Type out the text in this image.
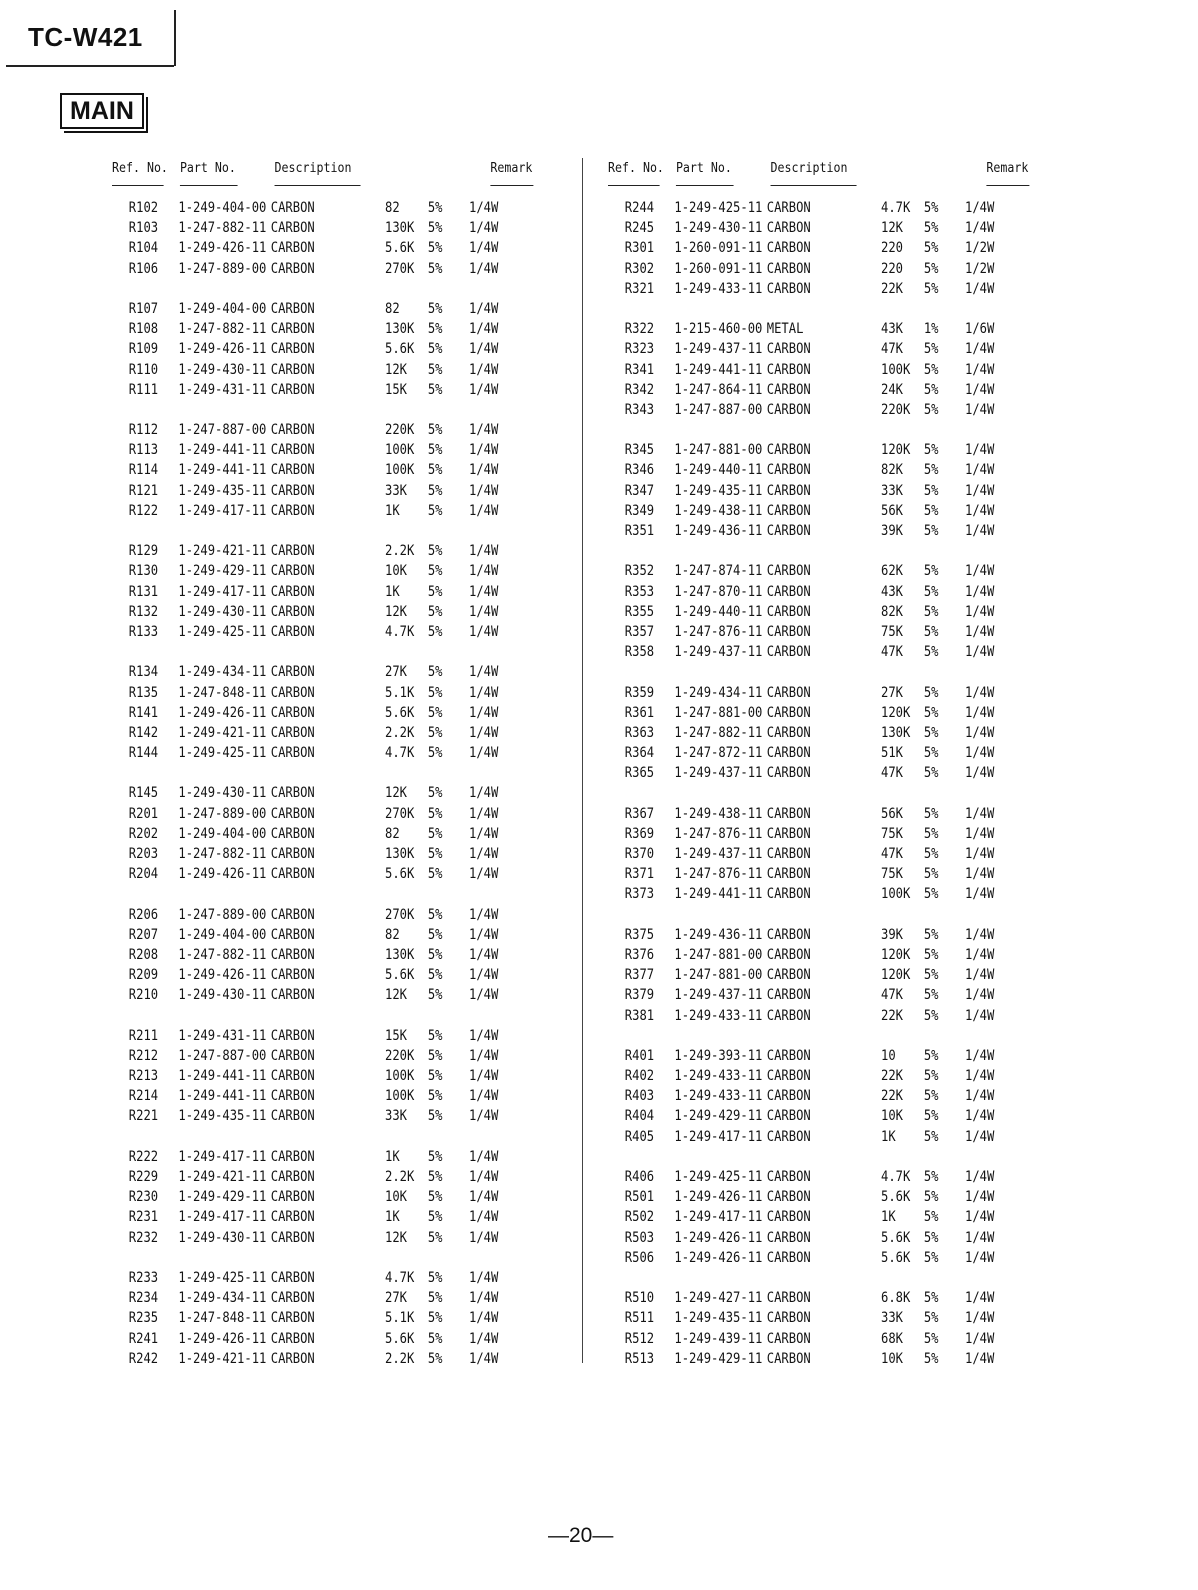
TC-W421
MAIN
Ref. No. Part No.	Description	Remark
R102 1-249-404-00 CARBON	82 5% 1/4W
R103 1-247-882-11 CARBON	130K 5% 1/4W
R104 1-249-426-11 CARBON	5.6K 5% 1/4W
R106 1-247-889-00 CARBON	270K 5% 1/4W
R107 1-249-404-00 CARBON	82 5% 1/4W
R108 1-247-882-11 CARBON	130K 5% 1/4W
R109 1-249-426-11 CARBON	5.6K 5% 1/4W
R110 1-249-430-11 CARBON	12K 5% 1/4W
R111 1-249-431-11 CARBON	15K 5% 1/4W
R112 1-247-887-00 CARBON	220K 5% 1/4W
R113 1-249-441-11 CARBON	100K 5% 1/4W
R114 1-249-441-11 CARBON	100K 5% 1/4W
R121 1-249-435-11 CARBON	33K 5% 1/4W
R122 1-249-417-11 CARBON	1K 5% 1/4W
R129 1-249-421-11 CARBON	2.2K 5% 1/4W
R130 1-249-429-11 CARBON	10K 5% 1/4W
R131 1-249-417-11 CARBON	1K 5% 1/4W
R132 1-249-430-11 CARBON	12K 5% 1/4W
R133 1-249-425-11 CARBON	4.7K 5% 1/4W
R134 1-249-434-11 CARBON	27K 5% 1/4W
R135 1-247-848-11 CARBON	5.1K 5% 1/4W
R141 1-249-426-11 CARBON	5.6K 5% 1/4W
R142 1-249-421-11 CARBON	2.2K 5% 1/4W
R144 1-249-425-11 CARBON	4.7K 5% 1/4W
R145 1-249-430-11 CARBON	12K 5% 1/4W
R201 1-247-889-00 CARBON	270K 5% 1/4W
R202 1-249-404-00 CARBON	82 5% 1/4W
R203 1-247-882-11 CARBON	130K 5% 1/4W
R204 1-249-426-11 CARBON	5.6K 5% 1/4W
R206 1-247-889-00 CARBON	270K 5% 1/4W
R207 1-249-404-00 CARBON	82 5% 1/4W
R208 1-247-882-11 CARBON	130K 5% 1/4W
R209 1-249-426-11 CARBON	5.6K 5% 1/4W
R210 1-249-430-11 CARBON	12K 5% 1/4W
R211 1-249-431-11 CARBON	15K 5% 1/4W
R212 1-247-887-00 CARBON	220K 5% 1/4W
R213 1-249-441-11 CARBON	100K 5% 1/4W
R214 1-249-441-11 CARBON	100K 5% 1/4W
R221 1-249-435-11 CARBON	33K 5% 1/4W
R222 1-249-417-11 CARBON	1K 5% 1/4W
R229 1-249-421-11 CARBON	2.2K 5% 1/4W
R230 1-249-429-11 CARBON	10K 5% 1/4W
R231 1-249-417-11 CARBON	1K 5% 1/4W
R232 1-249-430-11 CARBON	12K 5% 1/4W
R233 1-249-425-11 CARBON	4.7K 5% 1/4W
R234 1-249-434-11 CARBON	27K 5% 1/4W
R235 1-247-848-11 CARBON	5.1K 5% 1/4W
R241 1-249-426-11 CARBON	5.6K 5% 1/4W
R242 1-249-421-11 CARBON	2.2K 5% 1/4W
Ref. No. Part No.	Description	Remark
R244 1-249-425-11 CARBON	4.7K 5% 1/4W
R245 1-249-430-11 CARBON	12K 5% 1/4W
R301 1-260-091-11 CARBON	220 5% 1/2W
R302 1-260-091-11 CARBON	220 5% 1/2W
R321 1-249-433-11 CARBON	22K 5% 1/4W
R322 1-215-460-00 METAL	43K 1% 1/6W
R323 1-249-437-11 CARBON	47K 5% 1/4W
R341 1-249-441-11 CARBON	100K 5% 1/4W
R342 1-247-864-11 CARBON	24K 5% 1/4W
R343 1-247-887-00 CARBON	220K 5% 1/4W
R345 1-247-881-00 CARBON	120K 5% 1/4W
R346 1-249-440-11 CARBON	82K 5% 1/4W
R347 1-249-435-11 CARBON	33K 5% 1/4W
R349 1-249-438-11 CARBON	56K 5% 1/4W
R351 1-249-436-11 CARBON	39K 5% 1/4W
R352 1-247-874-11 CARBON	62K 5% 1/4W
R353 1-247-870-11 CARBON	43K 5% 1/4W
R355 1-249-440-11 CARBON	82K 5% 1/4W
R357 1-247-876-11 CARBON	75K 5% 1/4W
R358 1-249-437-11 CARBON	47K 5% 1/4W
R359 1-249-434-11 CARBON	27K 5% 1/4W
R361 1-247-881-00 CARBON	120K 5% 1/4W
R363 1-247-882-11 CARBON	130K 5% 1/4W
R364 1-247-872-11 CARBON	51K 5% 1/4W
R365 1-249-437-11 CARBON	47K 5% 1/4W
R367 1-249-438-11 CARBON	56K 5% 1/4W
R369 1-247-876-11 CARBON	75K 5% 1/4W
R370 1-249-437-11 CARBON	47K 5% 1/4W
R371 1-247-876-11 CARBON	75K 5% 1/4W
R373 1-249-441-11 CARBON	100K 5% 1/4W
R375 1-249-436-11 CARBON	39K 5% 1/4W
R376 1-247-881-00 CARBON	120K 5% 1/4W
R377 1-247-881-00 CARBON	120K 5% 1/4W
R379 1-249-437-11 CARBON	47K 5% 1/4W
R381 1-249-433-11 CARBON	22K 5% 1/4W
R401 1-249-393-11 CARBON	10 5% 1/4W
R402 1-249-433-11 CARBON	22K 5% 1/4W
R403 1-249-433-11 CARBON	22K 5% 1/4W
R404 1-249-429-11 CARBON	10K 5% 1/4W
R405 1-249-417-11 CARBON	1K 5% 1/4W
R406 1-249-425-11 CARBON	4.7K 5% 1/4W
R501 1-249-426-11 CARBON	5.6K 5% 1/4W
R502 1-249-417-11 CARBON	1K 5% 1/4W
R503 1-249-426-11 CARBON	5.6K 5% 1/4W
R506 1-249-426-11 CARBON	5.6K 5% 1/4W
R510 1-249-427-11 CARBON	6.8K 5% 1/4W
R511 1-249-435-11 CARBON	33K 5% 1/4W
R512 1-249-439-11 CARBON	68K 5% 1/4W
R513 1-249-429-11 CARBON	10K 5% 1/4W
—20—
